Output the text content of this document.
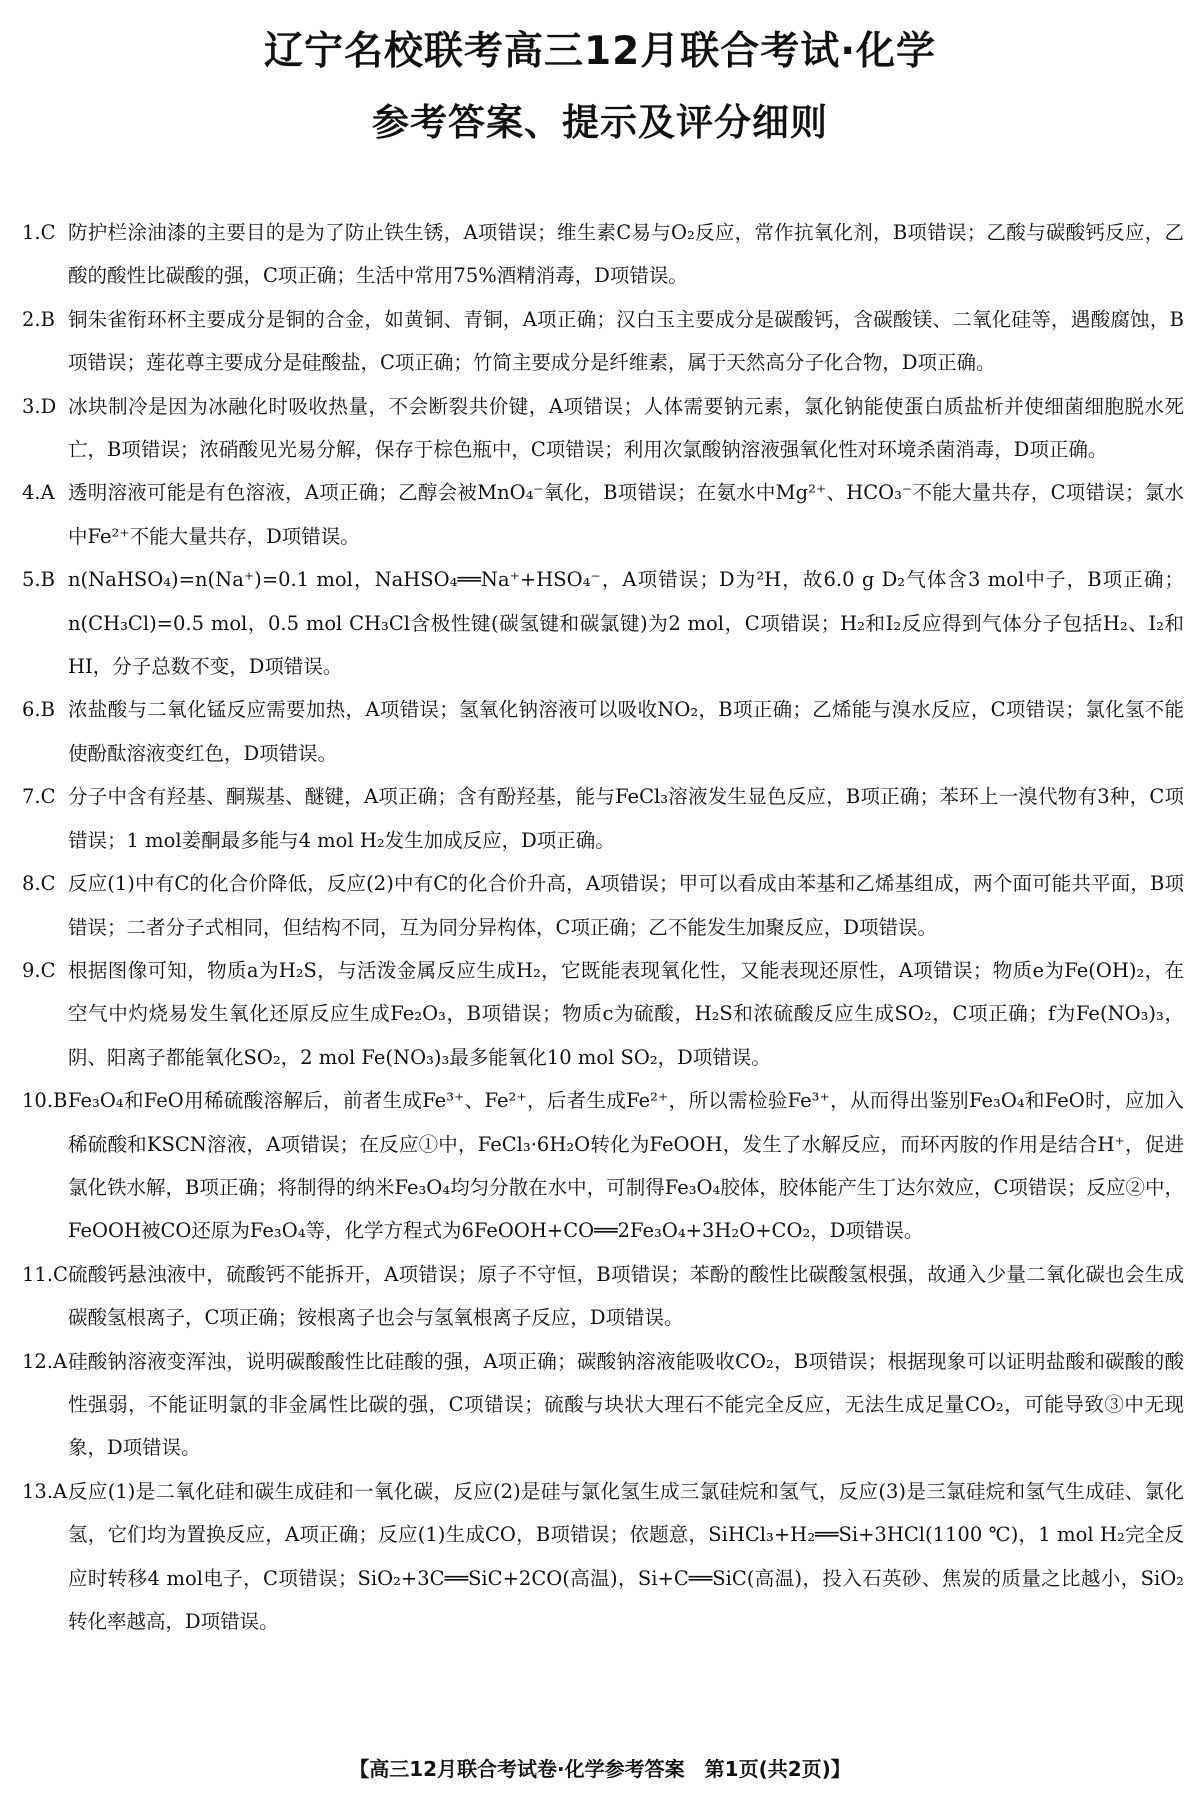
辽宁名校联考高三12月联合考试·化学
参考答案、提示及评分细则
1.C 防护栏涂油漆的主要目的是为了防止铁生锈，A项错误；维生素C易与O₂反应，常作抗氧化剂，B项错误；乙酸与碳酸钙反应，乙酸的酸性比碳酸的强，C项正确；生活中常用75%酒精消毒，D项错误。
2.B 铜朱雀衔环杯主要成分是铜的合金，如黄铜、青铜，A项正确；汉白玉主要成分是碳酸钙，含碳酸镁、二氧化硅等，遇酸腐蚀，B项错误；莲花尊主要成分是硅酸盐，C项正确；竹简主要成分是纤维素，属于天然高分子化合物，D项正确。
3.D 冰块制冷是因为冰融化时吸收热量，不会断裂共价键，A项错误；人体需要钠元素，氯化钠能使蛋白质盐析并使细菌细胞脱水死亡，B项错误；浓硝酸见光易分解，保存于棕色瓶中，C项错误；利用次氯酸钠溶液强氧化性对环境杀菌消毒，D项正确。
4.A 透明溶液可能是有色溶液，A项正确；乙醇会被MnO₄⁻氧化，B项错误；在氨水中Mg²⁺、HCO₃⁻不能大量共存，C项错误；氯水中Fe²⁺不能大量共存，D项错误。
5.B n(NaHSO₄)=n(Na⁺)=0.1 mol，NaHSO₄══Na⁺+HSO₄⁻，A项错误；D为²H，故6.0 g D₂气体含3 mol中子，B项正确；n(CH₃Cl)=0.5 mol，0.5 mol CH₃Cl含极性键(碳氢键和碳氯键)为2 mol，C项错误；H₂和I₂反应得到气体分子包括H₂、I₂和HI，分子总数不变，D项错误。
6.B 浓盐酸与二氧化锰反应需要加热，A项错误；氢氧化钠溶液可以吸收NO₂，B项正确；乙烯能与溴水反应，C项错误；氯化氢不能使酚酞溶液变红色，D项错误。
7.C 分子中含有羟基、酮羰基、醚键，A项正确；含有酚羟基，能与FeCl₃溶液发生显色反应，B项正确；苯环上一溴代物有3种，C项错误；1 mol姜酮最多能与4 mol H₂发生加成反应，D项正确。
8.C 反应(1)中有C的化合价降低，反应(2)中有C的化合价升高，A项错误；甲可以看成由苯基和乙烯基组成，两个面可能共平面，B项错误；二者分子式相同，但结构不同，互为同分异构体，C项正确；乙不能发生加聚反应，D项错误。
9.C 根据图像可知，物质a为H₂S，与活泼金属反应生成H₂，它既能表现氧化性，又能表现还原性，A项错误；物质e为Fe(OH)₂，在空气中灼烧易发生氧化还原反应生成Fe₂O₃，B项错误；物质c为硫酸，H₂S和浓硫酸反应生成SO₂，C项正确；f为Fe(NO₃)₃，阴、阳离子都能氧化SO₂，2 mol Fe(NO₃)₃最多能氧化10 mol SO₂，D项错误。
10.B Fe₃O₄和FeO用稀硫酸溶解后，前者生成Fe³⁺、Fe²⁺，后者生成Fe²⁺，所以需检验Fe³⁺，从而得出鉴别Fe₃O₄和FeO时，应加入稀硫酸和KSCN溶液，A项错误；在反应①中，FeCl₃·6H₂O转化为FeOOH，发生了水解反应，而环丙胺的作用是结合H⁺，促进氯化铁水解，B项正确；将制得的纳米Fe₃O₄均匀分散在水中，可制得Fe₃O₄胶体，胶体能产生丁达尔效应，C项错误；反应②中，FeOOH被CO还原为Fe₃O₄等，化学方程式为6FeOOH+CO══2Fe₃O₄+3H₂O+CO₂，D项错误。
11.C 硫酸钙悬浊液中，硫酸钙不能拆开，A项错误；原子不守恒，B项错误；苯酚的酸性比碳酸氢根强，故通入少量二氧化碳也会生成碳酸氢根离子，C项正确；铵根离子也会与氢氧根离子反应，D项错误。
12.A 硅酸钠溶液变浑浊，说明碳酸酸性比硅酸的强，A项正确；碳酸钠溶液能吸收CO₂，B项错误；根据现象可以证明盐酸和碳酸的酸性强弱，不能证明氯的非金属性比碳的强，C项错误；硫酸与块状大理石不能完全反应，无法生成足量CO₂，可能导致③中无现象，D项错误。
13.A 反应(1)是二氧化硅和碳生成硅和一氧化碳，反应(2)是硅与氯化氢生成三氯硅烷和氢气，反应(3)是三氯硅烷和氢气生成硅、氯化氢，它们均为置换反应，A项正确；反应(1)生成CO，B项错误；依题意，SiHCl₃+H₂══Si+3HCl(1100 ℃)，1 mol H₂完全反应时转移4 mol电子，C项错误；SiO₂+3C══SiC+2CO(高温)，Si+C══SiC(高温)，投入石英砂、焦炭的质量之比越小，SiO₂转化率越高，D项错误。
【高三12月联合考试卷·化学参考答案　第1页(共2页)】
